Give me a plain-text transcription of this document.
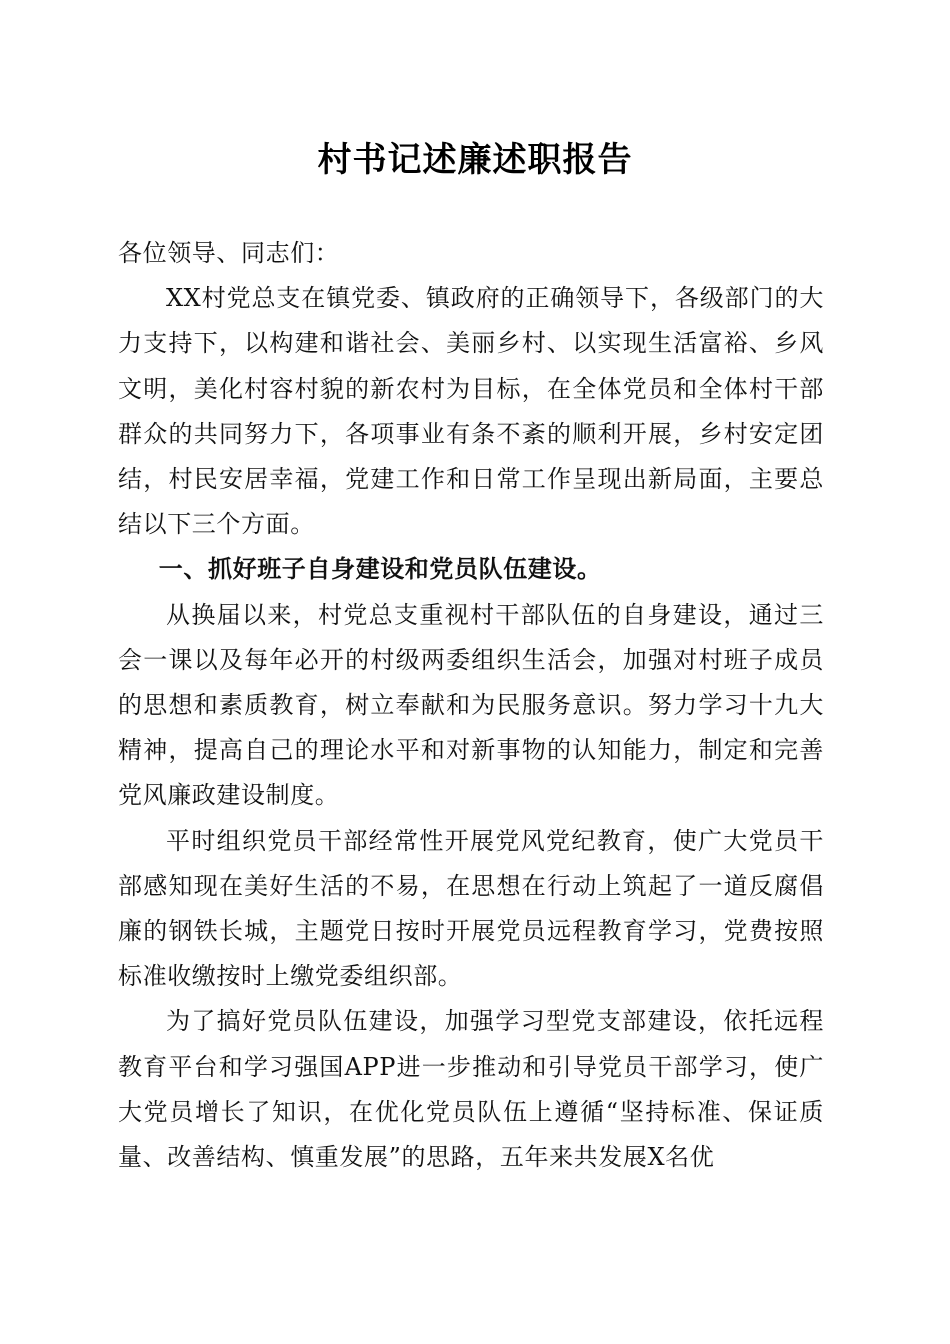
村书记述廉述职报告

各位领导、同志们：

XX村党总支在镇党委、镇政府的正确领导下，各级部门的大力支持下，以构建和谐社会、美丽乡村、以实现生活富裕、乡风文明，美化村容村貌的新农村为目标，在全体党员和全体村干部群众的共同努力下，各项事业有条不紊的顺利开展，乡村安定团结，村民安居幸福，党建工作和日常工作呈现出新局面，主要总结以下三个方面。

一、抓好班子自身建设和党员队伍建设。

从换届以来，村党总支重视村干部队伍的自身建设，通过三会一课以及每年必开的村级两委组织生活会，加强对村班子成员的思想和素质教育，树立奉献和为民服务意识。努力学习十九大精神，提高自己的理论水平和对新事物的认知能力，制定和完善党风廉政建设制度。

平时组织党员干部经常性开展党风党纪教育，使广大党员干部感知现在美好生活的不易，在思想在行动上筑起了一道反腐倡廉的钢铁长城，主题党日按时开展党员远程教育学习，党费按照标准收缴按时上缴党委组织部。

为了搞好党员队伍建设，加强学习型党支部建设，依托远程教育平台和学习强国APP进一步推动和引导党员干部学习，使广大党员增长了知识，在优化党员队伍上遵循“坚持标准、保证质量、改善结构、慎重发展”的思路，五年来共发展X名优
